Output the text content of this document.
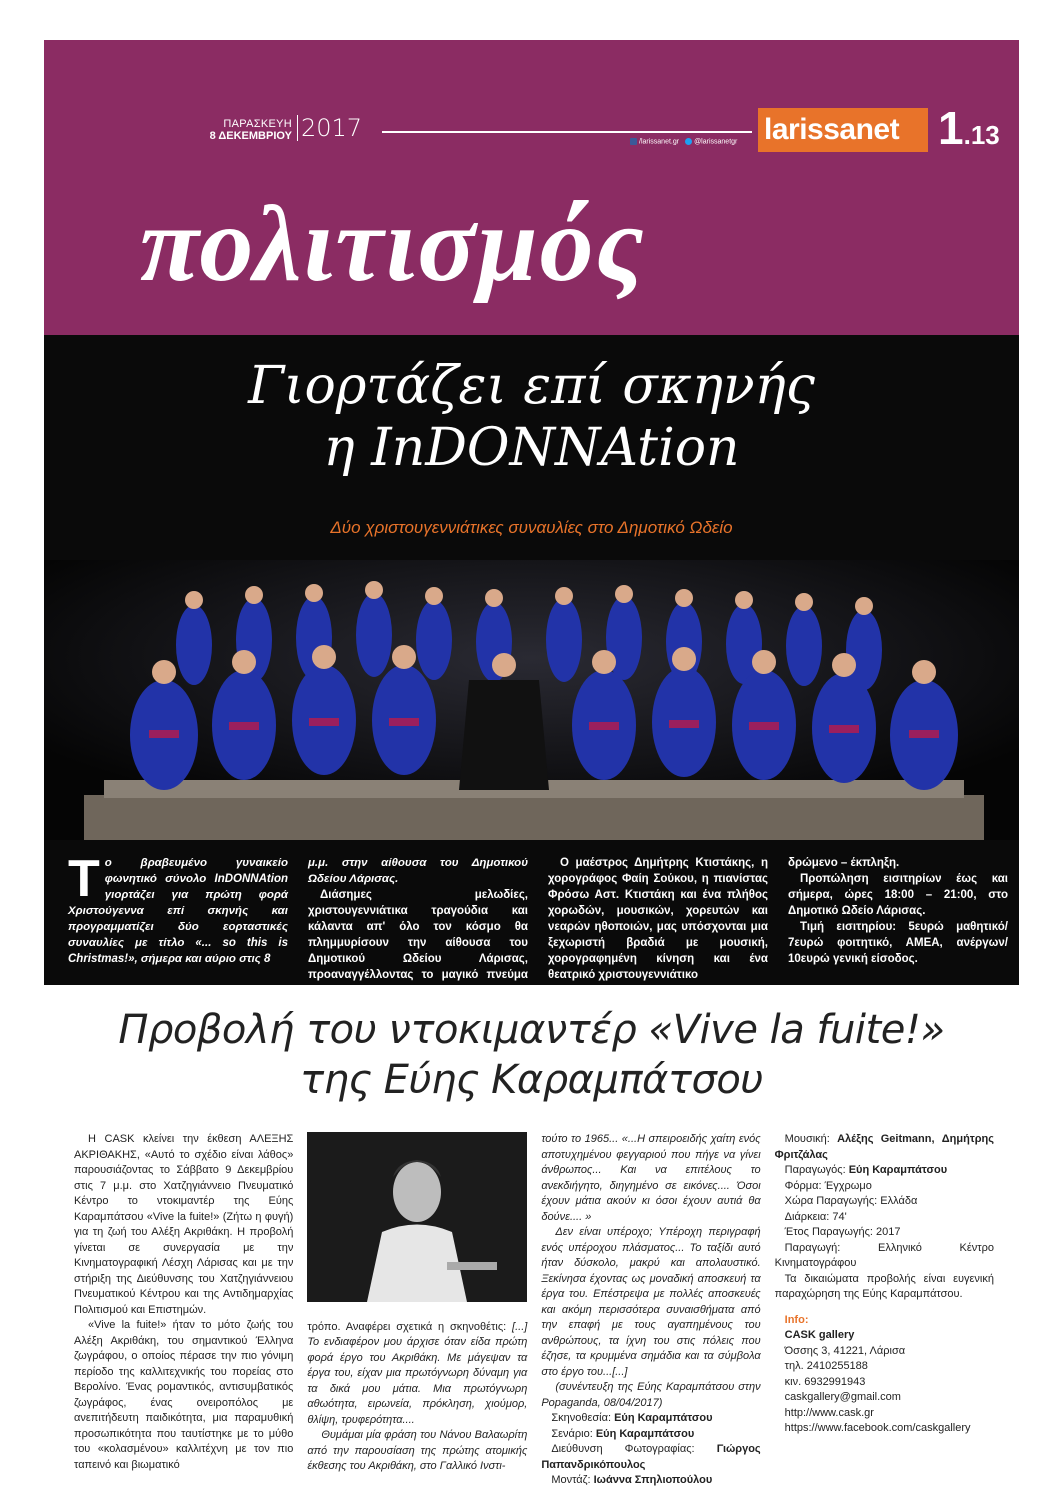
ΠΑΡΑΣΚΕΥΗ
8 ΔΕΚΕΜΒΡΙΟΥ 2017	/larissanet.gr	@larissanetgr larissanet 1.13
πολιτισμός
Γιορτάζει επί σκηνής
η InDONNAtion
Δύο χριστουγεννιάτικες συναυλίες στο Δημοτικό Ωδείο
Το βραβευμένο γυναικείο φωνητικό σύνολο InDONNAtion γιορτάζει για πρώτη φορά Χριστούγεννα επί σκηνής και προγραμματίζει δύο εορταστικές συναυλίες με τίτλο «... so this is Christmas!», σήμερα και αύριο στις 8

μ.μ. στην αίθουσα του Δημοτικού Ωδείου Λάρισας.

Διάσημες μελωδίες, χριστουγεννιάτικα τραγούδια και κάλαντα απ' όλο τον κόσμο θα πλημμυρίσουν την αίθουσα του Δημοτικού Ωδείου Λάρισας, προαναγγέλλοντας το μαγικό πνεύμα των εορτών!

Ο μαέστρος Δημήτρης Κτιστάκης, η χορογράφος Φαίη Σούκου, η πιανίστας Φρόσω Αστ. Κτιστάκη και ένα πλήθος χορωδών, μουσικών, χορευτών και νεαρών ηθοποιών, μας υπόσχονται μια ξεχωριστή βραδιά με μουσική, χορογραφημένη κίνηση και ένα θεατρικό χριστουγεννιάτικο

δρώμενο – έκπληξη.

Προπώληση εισιτηρίων έως και σήμερα, ώρες 18:00 – 21:00, στο Δημοτικό Ωδείο Λάρισας.

Τιμή εισιτηρίου: 5ευρώ μαθητικό/ 7ευρώ φοιτητικό, ΑΜΕΑ, ανέργων/ 10ευρώ γενική είσοδος.

Προβολή του ντοκιμαντέρ «Vive la fuite!»
της Εύης Καραμπάτσου

Η CASK κλείνει την έκθεση ΑΛΕΞΗΣ ΑΚΡΙΘΑΚΗΣ, «Αυτό το σχέδιο είναι λάθος» παρουσιάζοντας το Σάββατο 9 Δεκεμβρίου στις 7 μ.μ. στο Χατζηγιάννειο Πνευματικό Κέντρο το ντοκιμαντέρ της Εύης Καραμπάτσου «Vive la fuite!» (Ζήτω η φυγή) για τη ζωή του Αλέξη Ακριθάκη. Η προβολή γίνεται σε συνεργασία με την Κινηματογραφική Λέσχη Λάρισας και με την στήριξη της Διεύθυνσης του Χατζηγιάννειου Πνευματικού Κέντρου και της Αντιδημαρχίας Πολιτισμού και Επιστημών.

«Vive la fuite!» ήταν το μότο ζωής του Αλέξη Ακριθάκη, του σημαντικού Έλληνα ζωγράφου, ο οποίος πέρασε την πιο γόνιμη περίοδο της καλλιτεχνικής του πορείας στο Βερολίνο. Ένας ρομαντικός, αντισυμβατικός ζωγράφος, ένας ονειροπόλος με ανεπιτήδευτη παιδικότητα, μια παραμυθική προσωπικότητα που ταυτίστηκε με το μύθο του «κολασμένου» καλλιτέχνη με τον πιο ταπεινό και βιωματικό

τρόπο. Αναφέρει σχετικά η σκηνοθέτις: [...] Το ενδιαφέρον μου άρχισε όταν είδα πρώτη φορά έργο του Ακριθάκη. Με μάγεψαν τα έργα του, είχαν μια πρωτόγνωρη δύναμη για τα δικά μου μάτια. Μια πρωτόγνωρη αθωότητα, ειρωνεία, πρόκληση, χιούμορ, θλίψη, τρυφερότητα....

Θυμάμαι μία φράση του Νάνου Βαλαωρίτη από την παρουσίαση της πρώτης ατομικής έκθεσης του Ακριθάκη, στο Γαλλικό Ινστι-

τούτο το 1965... «...Η σπειροειδής χαίτη ενός αποτυχημένου φεγγαριού που πήγε να γίνει άνθρωπος... Και να επιτέλους το ανεκδιήγητο, διηγημένο σε εικόνες.... Όσοι έχουν μάτια ακούν κι όσοι έχουν αυτιά θα δούνε.... »

Δεν είναι υπέροχο; Υπέροχη περιγραφή ενός υπέροχου πλάσματος... Το ταξίδι αυτό ήταν δύσκολο, μακρύ και απολαυστικό. Ξεκίνησα έχοντας ως μοναδική αποσκευή τα έργα του. Επέστρεψα με πολλές αποσκευές και ακόμη περισσότερα συναισθήματα από την επαφή με τους αγαπημένους του ανθρώπους, τα ίχνη του στις πόλεις που έζησε, τα κρυμμένα σημάδια και τα σύμβολα στο έργο του...[...]

(συνέντευξη της Εύης Καραμπάτσου στην Popaganda, 08/04/2017)

Σκηνοθεσία: Εύη Καραμπάτσου

Σενάριο: Εύη Καραμπάτσου

Διεύθυνση Φωτογραφίας: Γιώργος Παπανδρικόπουλος

Μοντάζ: Ιωάννα Σπηλιοπούλου

Μουσική: Αλέξης Geitmann, Δημήτρης Φριτζάλας

Παραγωγός: Εύη Καραμπάτσου

Φόρμα: Έγχρωμο

Χώρα Παραγωγής: Ελλάδα

Διάρκεια: 74'

Έτος Παραγωγής: 2017

Παραγωγή: Ελληνικό Κέντρο Κινηματογράφου

Τα δικαιώματα προβολής είναι ευγενική παραχώρηση της Εύης Καραμπάτσου.

Info:

CASK gallery

Όσσης 3, 41221, Λάρισα

τηλ. 2410255188

κιν. 6932991943

caskgallery@gmail.com

http://www.cask.gr

https://www.facebook.com/caskgallery
